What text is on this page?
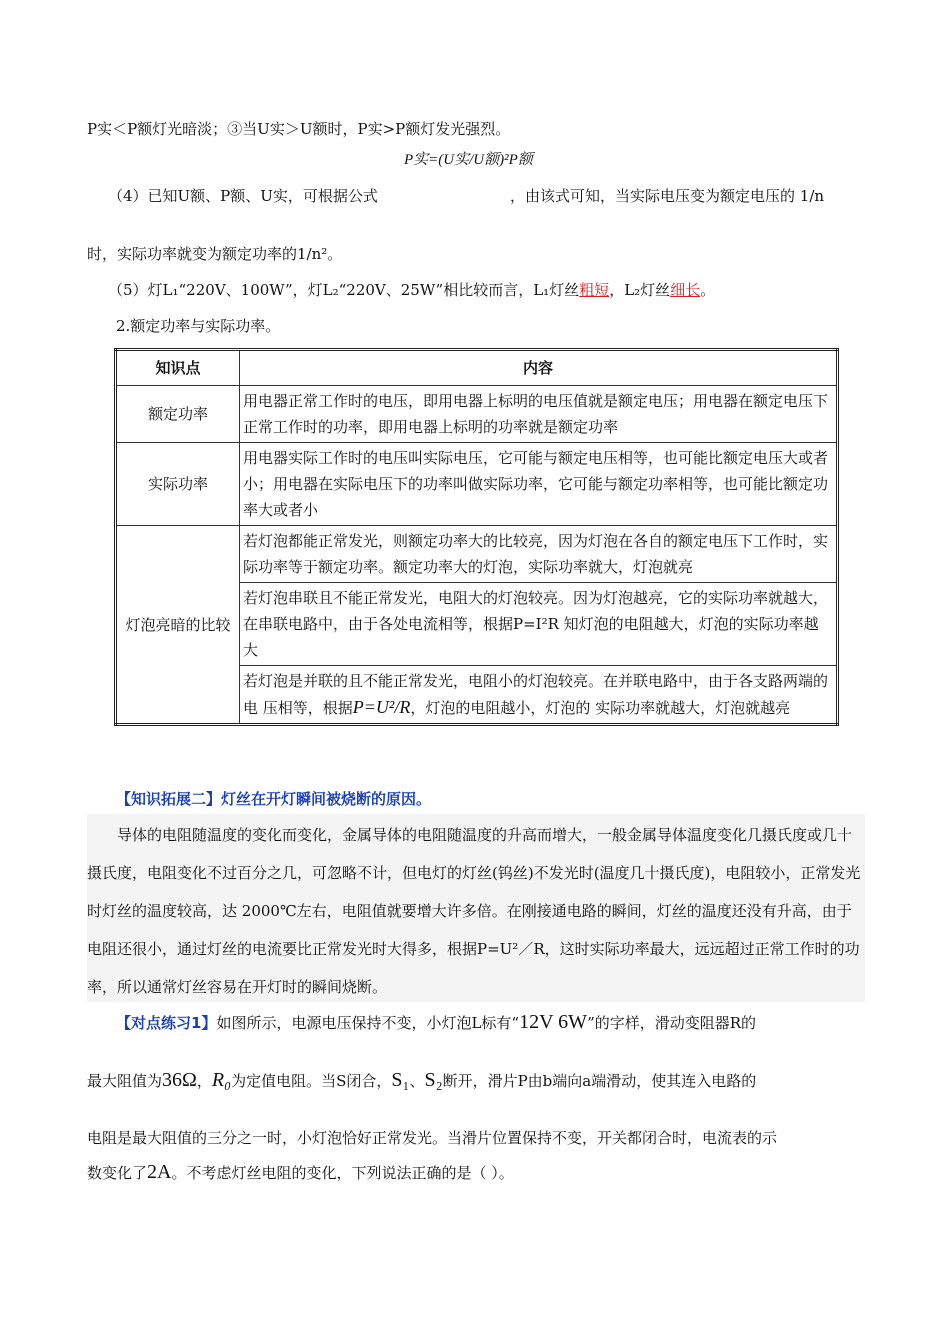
P实＜P额灯光暗淡；③当U实＞U额时，P实>P额灯发光强烈。
P实=(U实/U额)²P额
（4）已知U额、P额、U实，可根据公式	，由该式可知，当实际电压变为额定电压的 1/n
时，实际功率就变为额定功率的1/n²。
（5）灯L₁“220V、100W”，灯L₂“220V、25W”相比较而言，L₁灯丝粗短，L₂灯丝细长。
2.额定功率与实际功率。
知识点	内容
额定功率	用电器正常工作时的电压，即用电器上标明的电压值就是额定电压；用电器在额定电压下正常工作时的功率，即用电器上标明的功率就是额定功率
实际功率	用电器实际工作时的电压叫实际电压，它可能与额定电压相等，也可能比额定电压大或者小；用电器在实际电压下的功率叫做实际功率，它可能与额定功率相等，也可能比额定功率大或者小
灯泡亮暗的比较	若灯泡都能正常发光，则额定功率大的比较亮，因为灯泡在各自的额定电压下工作时，实际功率等于额定功率。额定功率大的灯泡，实际功率就大，灯泡就亮
	若灯泡串联且不能正常发光，电阻大的灯泡较亮。因为灯泡越亮，它的实际功率就越大，在串联电路中，由于各处电流相等，根据P=I²R 知灯泡的电阻越大，灯泡的实际功率越大
	若灯泡是并联的且不能正常发光，电阻小的灯泡较亮。在并联电路中，由于各支路两端的电 压相等，根据P=U²/R，灯泡的电阻越小，灯泡的 实际功率就越大，灯泡就越亮
【知识拓展二】灯丝在开灯瞬间被烧断的原因。
导体的电阻随温度的变化而变化，金属导体的电阻随温度的升高而增大，一般金属导体温度变化几摄氏度或几十摄氏度，电阻变化不过百分之几，可忽略不计，但电灯的灯丝(钨丝)不发光时(温度几十摄氏度)，电阻较小，正常发光时灯丝的温度较高，达 2000℃左右，电阻值就要增大许多倍。在刚接通电路的瞬间，灯丝的温度还没有升高，由于电阻还很小，通过灯丝的电流要比正常发光时大得多，根据P=U²／R，这时实际功率最大，远远超过正常工作时的功率，所以通常灯丝容易在开灯时的瞬间烧断。
【对点练习1】如图所示，电源电压保持不变，小灯泡L标有“12V 6W”的字样，滑动变阻器R的
最大阻值为36Ω，R₀为定值电阻。当S闭合，S₁、S₂断开，滑片P由b端向a端滑动，使其连入电路的
电阻是最大阻值的三分之一时，小灯泡恰好正常发光。当滑片位置保持不变，开关都闭合时，电流表的示
数变化了2A。不考虑灯丝电阻的变化，下列说法正确的是（ ）。
